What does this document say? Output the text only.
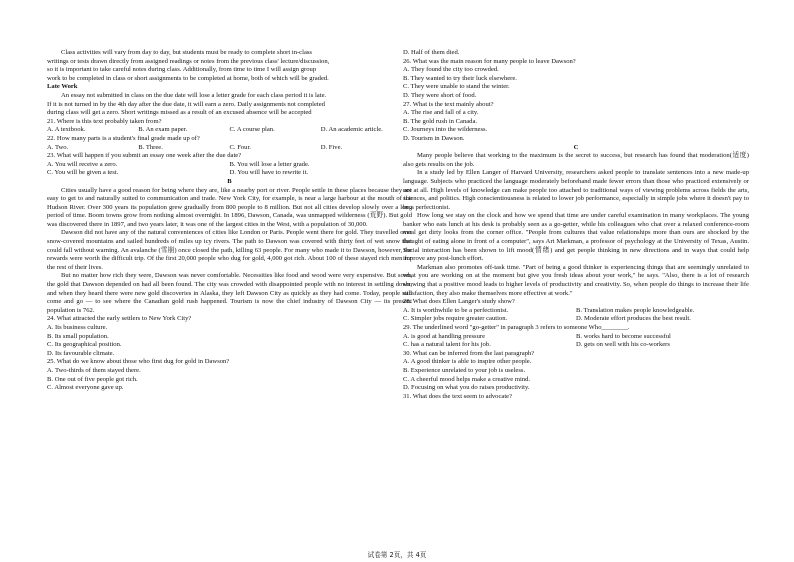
Class activities will vary from day to day, but students must be ready to complete short in-class

writings or tests drawn directly from assigned readings or notes from the previous class' lecture/discussion,

so it is important to take careful notes during class. Additionally, from time to time I will assign group

work to be completed in class or short assignments to be completed at home, both of which will be graded.

Late Work

An essay not submitted in class on the due date will lose a letter grade for each class period it is late.

If it is not turned in by the 4th day after the due date, it will earn a zero. Daily assignments not completed

during class will get a zero. Short writings missed as a result of an excused absence will be accepted

21. Where is this text probably taken from?

A. A textbook.	B. An exam paper.	C. A course plan.	D. An academic article.

22. How many parts is a student's final grade made up of?

A. Two.	B. Three.	C. Four.	D. Five.

23. What will happen if you submit an essay one week after the due date?

A. You will receive a zero.	B. You will lose a letter grade.
C. You will be given a test.	D. You will have to rewrite it.

B

Cities usually have a good reason for being where they are, like a nearby port or river. People settle in these places because they are easy to get to and naturally suited to communication and trade. New York City, for example, is near a large harbour at the mouth of the Hudson River. Over 300 years its population grew gradually from 800 people to 8 million. But not all cities develop slowly over a long period of time. Boom towns grow from nothing almost overnight. In 1896, Dawson, Canada, was unmapped wilderness (荒野). But gold was discovered there in 1897, and two years later, it was one of the largest cities in the West, with a population of 30,000.

Dawson did not have any of the natural conveniences of cities like London or Paris. People went there for gold. They travelled over snow-covered mountains and sailed hundreds of miles up icy rivers. The path to Dawson was covered with thirty feet of wet snow that could fall without warning. An avalanche (雪崩) once closed the path, killing 63 people. For many who made it to Dawson, however, the rewards were worth the difficult trip. Of the first 20,000 people who dug for gold, 4,000 got rich. About 100 of these stayed rich men for the rest of their lives.

But no matter how rich they were, Dawson was never comfortable. Necessities like food and wood were very expensive. But soon, the gold that Dawson depended on had all been found. The city was crowded with disappointed people with no interest in settling down, and when they heard there were new gold discoveries in Alaska, they left Dawson City as quickly as they had come. Today, people still come and go — to see where the Canadian gold rush happened. Tourism is now the chief industry of Dawson City — its present population is 762.

24. What attracted the early settlers to New York City?

A. Its business culture.

B. Its small population.

C. Its geographical position.

D. Its favourable climate.

25. What do we know about those who first dug for gold in Dawson?

A. Two-thirds of them stayed there.

B. One out of five people got rich.

C. Almost everyone gave up.

D. Half of them died.

26. What was the main reason for many people to leave Dawson?

A. They found the city too crowded.

B. They wanted to try their luck elsewhere.

C. They were unable to stand the winter.

D. They were short of food.

27. What is the text mainly about?

A. The rise and fall of a city.

B. The gold rush in Canada.

C. Journeys into the wilderness.

D. Tourism in Dawson.

C

Many people believe that working to the maximum is the secret to success, but research has found that moderation(适度) also gets results on the job.

In a study led by Ellen Langer of Harvard University, researchers asked people to translate sentences into a new made-up language. Subjects who practiced the language moderately beforehand made fewer errors than those who practiced extensively or not at all. High levels of knowledge can make people too attached to traditional ways of viewing problems across fields the arts, sciences, and politics. High conscientiousness is related to lower job performance, especially in simple jobs where it doesn't pay to be a perfectionist.

How long we stay on the clock and how we spend that time are under careful examination in many workplaces. The young banker who eats lunch at his desk is probably seen as a go-getter, while his colleagues who chat over a relaxed conference-room meal get dirty looks from the corner office. "People from cultures that value relationships more than ours are shocked by the thought of eating alone in front of a computer", says Art Markman, a professor of psychology at the University of Texas, Austin. Social interaction has been shown to lift mood(情绪) and get people thinking in new directions and in ways that could help improve any post-lunch effort.

Markman also promotes off-task time. "Part of being a good thinker is experiencing things that are seemingly unrelated to what you are working on at the moment but give you fresh ideas about your work," he says. "Also, there is a lot of research showing that a positive mood leads to higher levels of productivity and creativity. So, when people do things to increase their life satisfaction, they also make themselves more effective at work."

28. What does Ellen Langer's study show?

A. It is worthwhile to be a perfectionist.	B. Translation makes people knowledgeable.
C. Simpler jobs require greater caution.	D. Moderate effort produces the best result.

29. The underlined word "go-getter" in paragraph 3 refers to someone Who________.

A. is good at handling pressure	B. works hard to become successful
C. has a natural talent for his job.	D. gets on well with his co-workers

30. What can be inferred from the last paragraph?

A. A good thinker is able to inspire other people.

B. Experience unrelated to your job is useless.

C. A cheerful mood helps make a creative mind.

D. Focusing on what you do raises productivity.

31. What does the text seem to advocate?

试卷第 2页，共 4页
